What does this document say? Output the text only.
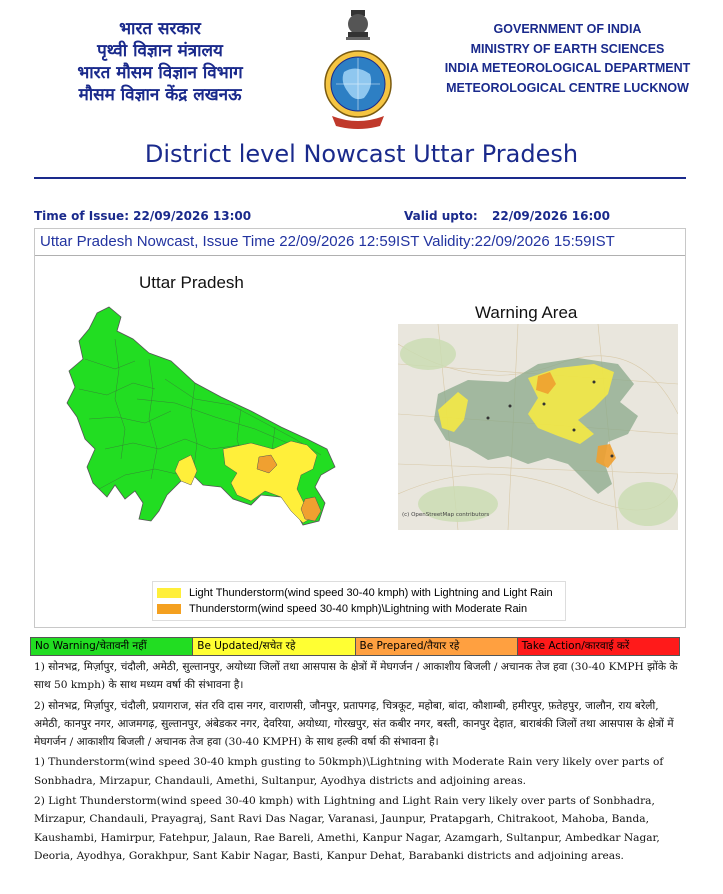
भारत सरकार
पृथ्वी विज्ञान मंत्रालय
भारत मौसम विज्ञान विभाग
मौसम विज्ञान केंद्र लखनऊ
GOVERNMENT OF INDIA
MINISTRY OF EARTH SCIENCES
INDIA METEOROLOGICAL DEPARTMENT
METEOROLOGICAL CENTRE LUCKNOW
District level Nowcast Uttar Pradesh
Time of Issue: 22/09/2026 13:00	Valid upto: 22/09/2026 16:00
Uttar Pradesh Nowcast, Issue Time 22/09/2026 12:59IST Validity:22/09/2026 15:59IST
Uttar Pradesh
Warning Area
(c) OpenStreetMap contributors
Light Thunderstorm(wind speed 30-40 kmph) with Lightning and Light Rain
Thunderstorm(wind speed 30-40 kmph)\Lightning with Moderate Rain
No Warning/चेतावनी नहीं	Be Updated/सचेत रहे	Be Prepared/तैयार रहे	Take Action/कारवाई करें

1) सोनभद्र, मिर्ज़ापुर, चंदौली, अमेठी, सुल्तानपुर, अयोध्या जिलों तथा आसपास के क्षेत्रों में मेघगर्जन / आकाशीय बिजली / अचानक तेज हवा (30-40 KMPH झोंके के साथ 50 kmph) के साथ मध्यम वर्षा की संभावना है।

2) सोनभद्र, मिर्ज़ापुर, चंदौली, प्रयागराज, संत रवि दास नगर, वाराणसी, जौनपुर, प्रतापगढ़, चित्रकूट, महोबा, बांदा, कौशाम्बी, हमीरपुर, फ़तेहपुर, जालौन, राय बरेली, अमेठी, कानपुर नगर, आजमगढ़, सुल्तानपुर, अंबेडकर नगर, देवरिया, अयोध्या, गोरखपुर, संत कबीर नगर, बस्ती, कानपुर देहात, बाराबंकी जिलों तथा आसपास के क्षेत्रों में मेघगर्जन / आकाशीय बिजली / अचानक तेज हवा (30-40 KMPH) के साथ हल्की वर्षा की संभावना है।

1) Thunderstorm(wind speed 30-40 kmph gusting to 50kmph)\Lightning with Moderate Rain very likely over parts of Sonbhadra, Mirzapur, Chandauli, Amethi, Sultanpur, Ayodhya districts and adjoining areas.

2) Light Thunderstorm(wind speed 30-40 kmph) with Lightning and Light Rain very likely over parts of Sonbhadra, Mirzapur, Chandauli, Prayagraj, Sant Ravi Das Nagar, Varanasi, Jaunpur, Pratapgarh, Chitrakoot, Mahoba, Banda, Kaushambi, Hamirpur, Fatehpur, Jalaun, Rae Bareli, Amethi, Kanpur Nagar, Azamgarh, Sultanpur, Ambedkar Nagar, Deoria, Ayodhya, Gorakhpur, Sant Kabir Nagar, Basti, Kanpur Dehat, Barabanki districts and adjoining areas.
